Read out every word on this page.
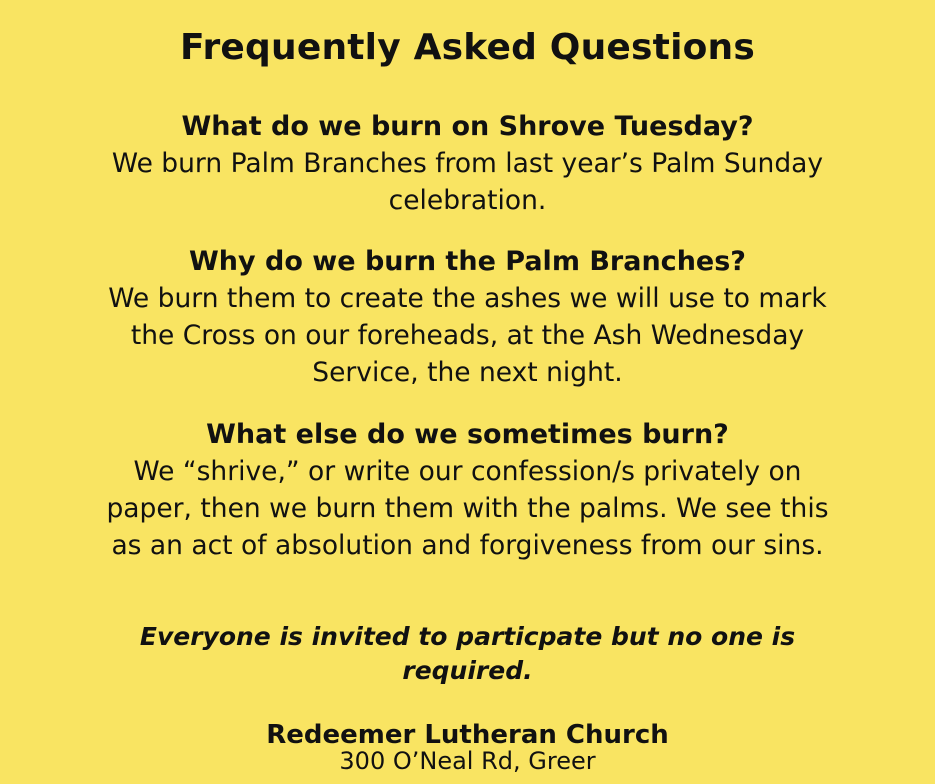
Frequently Asked Questions
What do we burn on Shrove Tuesday?
We burn Palm Branches from last year’s Palm Sunday celebration.
Why do we burn the Palm Branches?
We burn them to create the ashes we will use to mark the Cross on our foreheads, at the Ash Wednesday Service, the next night.
What else do we sometimes burn?
We “shrive,” or write our confession/s privately on paper, then we burn them with the palms. We see this as an act of absolution and forgiveness from our sins.
Everyone is invited to particpate but no one is required.
Redeemer Lutheran Church
300 O’Neal Rd, Greer
